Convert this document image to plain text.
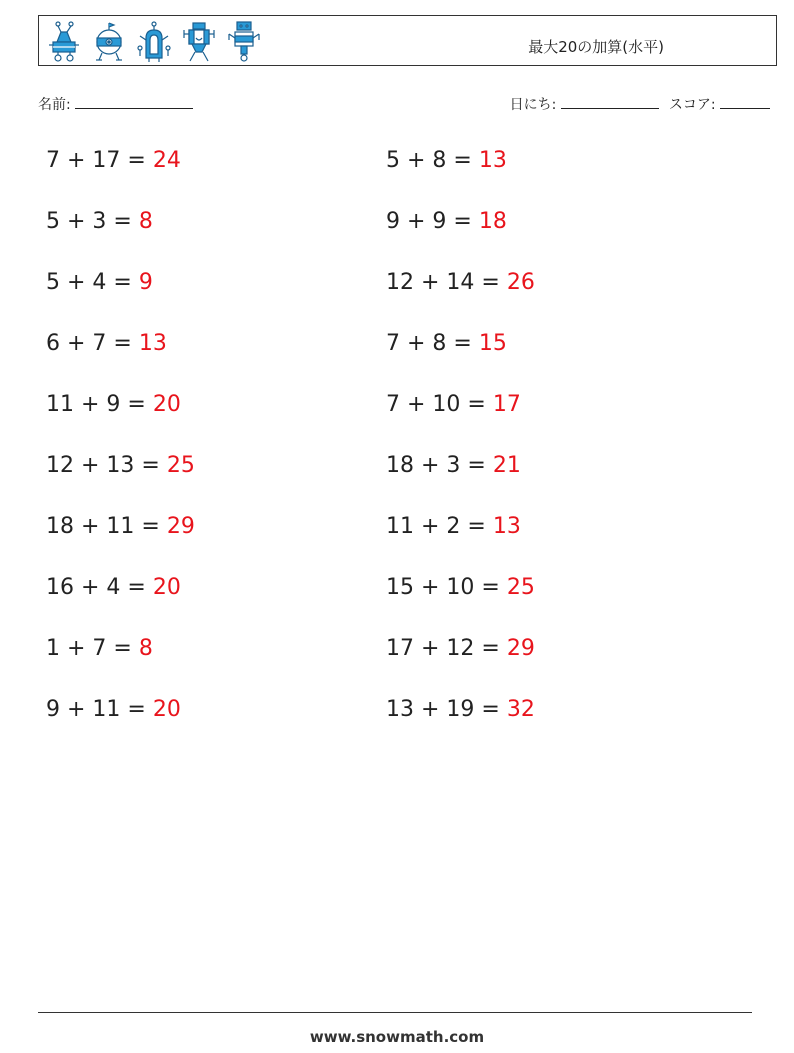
最大20の加算(水平)
名前:	日にち:	スコア:
7 + 17 = 24	5 + 8 = 13
5 + 3 = 8	9 + 9 = 18
5 + 4 = 9	12 + 14 = 26
6 + 7 = 13	7 + 8 = 15
11 + 9 = 20	7 + 10 = 17
12 + 13 = 25	18 + 3 = 21
18 + 11 = 29	11 + 2 = 13
16 + 4 = 20	15 + 10 = 25
1 + 7 = 8	17 + 12 = 29
9 + 11 = 20	13 + 19 = 32
www.snowmath.com
